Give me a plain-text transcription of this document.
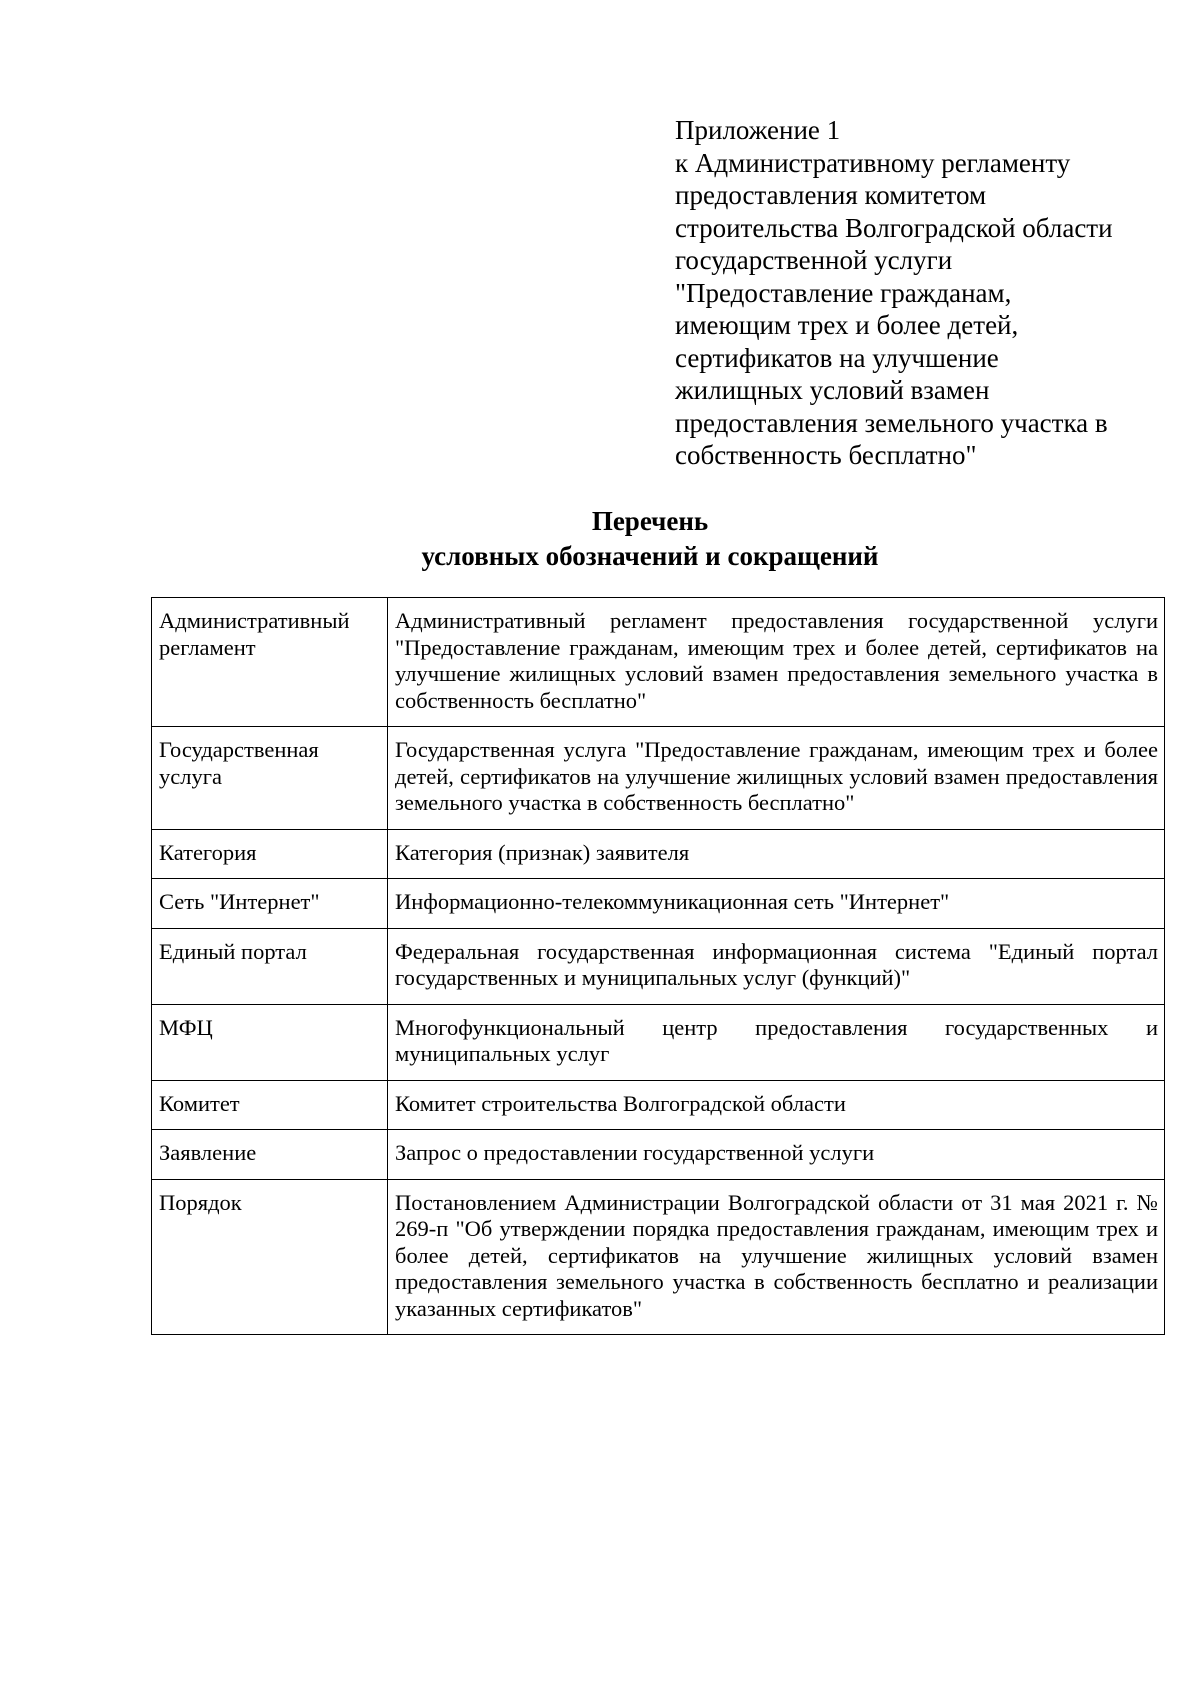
Приложение 1
к Административному регламенту
предоставления комитетом
строительства Волгоградской области
государственной услуги
"Предоставление гражданам,
имеющим трех и более детей,
сертификатов на улучшение
жилищных условий взамен
предоставления земельного участка в
собственность бесплатно"
Перечень
условных обозначений и сокращений
Административный регламент	Административный регламент предоставления государственной услуги "Предоставление гражданам, имеющим трех и более детей, сертификатов на улучшение жилищных условий взамен предоставления земельного участка в собственность бесплатно"
Государственная услуга	Государственная услуга "Предоставление гражданам, имеющим трех и более детей, сертификатов на улучшение жилищных условий взамен предоставления земельного участка в собственность бесплатно"
Категория	Категория (признак) заявителя
Сеть "Интернет"	Информационно-телекоммуникационная сеть "Интернет"
Единый портал	Федеральная государственная информационная система "Единый портал государственных и муниципальных услуг (функций)"
МФЦ	Многофункциональный центр предоставления государственных и муниципальных услуг
Комитет	Комитет строительства Волгоградской области
Заявление	Запрос о предоставлении государственной услуги
Порядок	Постановлением Администрации Волгоградской области от 31 мая 2021 г. № 269-п "Об утверждении порядка предоставления гражданам, имеющим трех и более детей, сертификатов на улучшение жилищных условий взамен предоставления земельного участка в собственность бесплатно и реализации указанных сертификатов"
